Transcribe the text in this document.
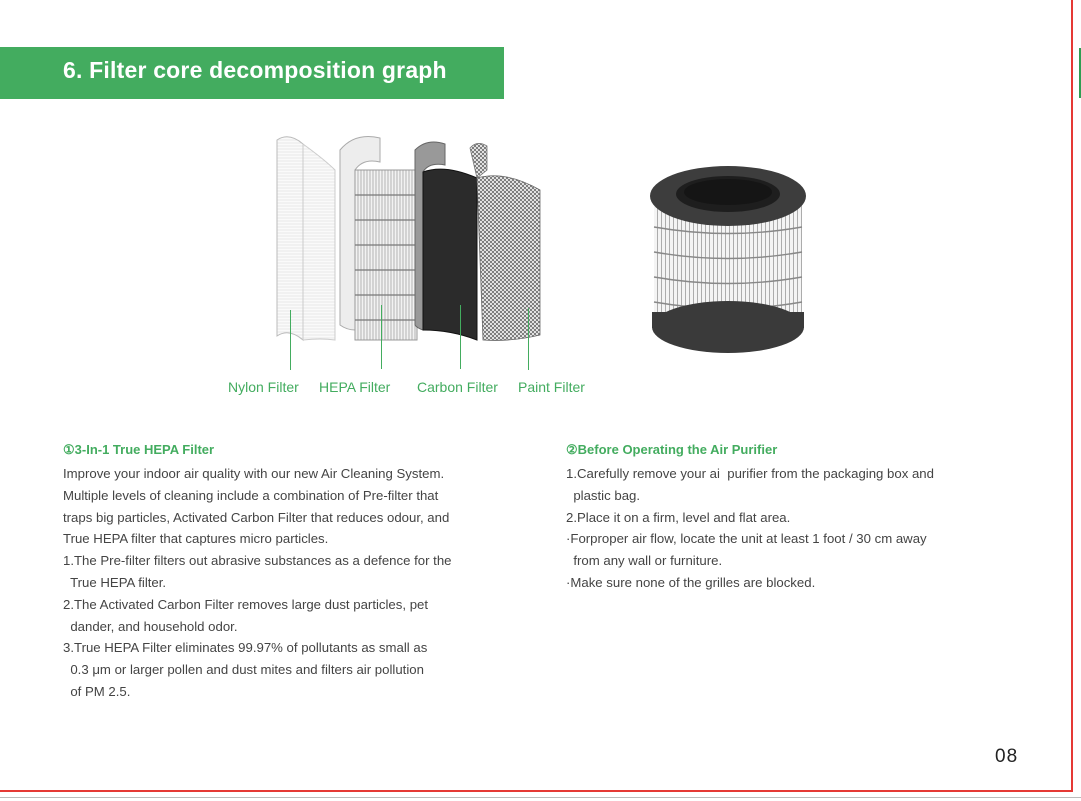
6. Filter core decomposition graph
Nylon Filter HEPA Filter Carbon Filter Paint Filter
①3-In-1 True HEPA Filter
Improve your indoor air quality with our new Air Cleaning System.
Multiple levels of cleaning include a combination of Pre-filter that
traps big particles, Activated Carbon Filter that reduces odour, and
True HEPA filter that captures micro particles.
1.The Pre-filter filters out abrasive substances as a defence for the
True HEPA filter.
2.The Activated Carbon Filter removes large dust particles, pet
dander, and household odor.
3.True HEPA Filter eliminates 99.97% of pollutants as small as
0.3 μm or larger pollen and dust mites and filters air pollution
of PM 2.5.
②Before Operating the Air Purifier
1.Carefully remove your ai  purifier from the packaging box and
plastic bag.
2.Place it on a firm, level and flat area.
·Forproper air flow, locate the unit at least 1 foot / 30 cm away
from any wall or furniture.
·Make sure none of the grilles are blocked.
08
